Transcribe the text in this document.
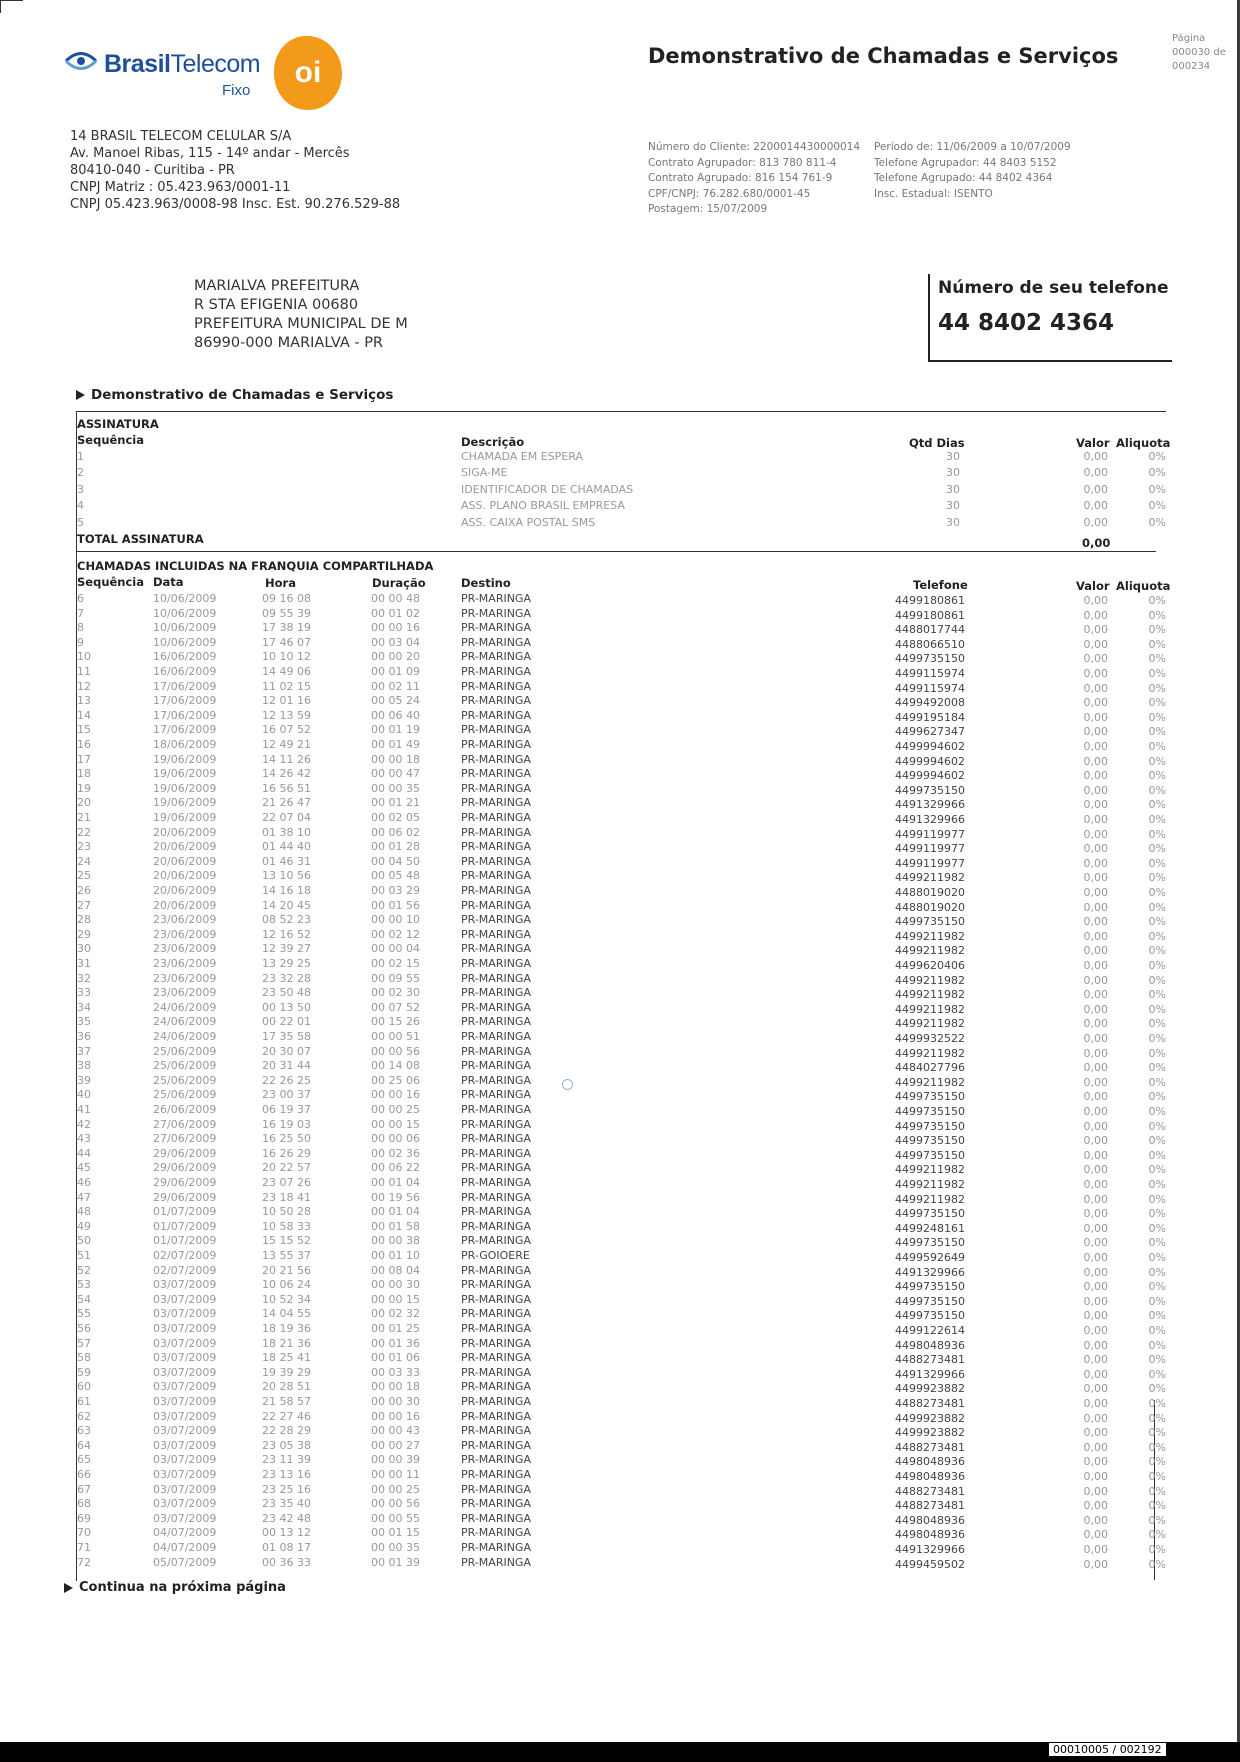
BrasilTelecom
Fixo
oi	Demonstrativo de Chamadas e Serviços
Página
000030 de
000234
14 BRASIL TELECOM CELULAR S/A
Av. Manoel Ribas, 115 - 14º andar - Mercês
80410-040 - Curitiba - PR
CNPJ Matriz : 05.423.963/0001-11
CNPJ 05.423.963/0008-98 Insc. Est. 90.276.529-88
Número do Cliente: 2200014430000014
Contrato Agrupador: 813 780 811-4
Contrato Agrupado: 816 154 761-9
CPF/CNPJ: 76.282.680/0001-45
Postagem: 15/07/2009
Período de: 11/06/2009 a 10/07/2009
Telefone Agrupador: 44 8403 5152
Telefone Agrupado: 44 8402 4364
Insc. Estadual: ISENTO
MARIALVA PREFEITURA
R STA EFIGENIA 00680
PREFEITURA MUNICIPAL DE M
86990-000 MARIALVA - PR
Número de seu telefone
44 8402 4364
Demonstrativo de Chamadas e Serviços
ASSINATURA
Sequência	Descrição	Qtd Dias	Valor Aliquota
1	CHAMADA EM ESPERA	30	0,00	0%
2	SIGA-ME	30	0,00	0%
3	IDENTIFICADOR DE CHAMADAS	30	0,00	0%
4	ASS. PLANO BRASIL EMPRESA	30	0,00	0%
5	ASS. CAIXA POSTAL SMS	30	0,00	0%
TOTAL ASSINATURA	0,00
CHAMADAS INCLUIDAS NA FRANQUIA COMPARTILHADA
Sequência Data	Hora	Duração	Destino	Telefone	Valor Aliquota
6	10/06/2009	09 16 08	00 00 48	PR-MARINGA	4499180861	0,00	0%
7	10/06/2009	09 55 39	00 01 02	PR-MARINGA	4499180861	0,00	0%
8	10/06/2009	17 38 19	00 00 16	PR-MARINGA	4488017744	0,00	0%
9	10/06/2009	17 46 07	00 03 04	PR-MARINGA	4488066510	0,00	0%
10	16/06/2009	10 10 12	00 00 20	PR-MARINGA	4499735150	0,00	0%
11	16/06/2009	14 49 06	00 01 09	PR-MARINGA	4499115974	0,00	0%
12	17/06/2009	11 02 15	00 02 11	PR-MARINGA	4499115974	0,00	0%
13	17/06/2009	12 01 16	00 05 24	PR-MARINGA	4499492008	0,00	0%
14	17/06/2009	12 13 59	00 06 40	PR-MARINGA	4499195184	0,00	0%
15	17/06/2009	16 07 52	00 01 19	PR-MARINGA	4499627347	0,00	0%
16	18/06/2009	12 49 21	00 01 49	PR-MARINGA	4499994602	0,00	0%
17	19/06/2009	14 11 26	00 00 18	PR-MARINGA	4499994602	0,00	0%
18	19/06/2009	14 26 42	00 00 47	PR-MARINGA	4499994602	0,00	0%
19	19/06/2009	16 56 51	00 00 35	PR-MARINGA	4499735150	0,00	0%
20	19/06/2009	21 26 47	00 01 21	PR-MARINGA	4491329966	0,00	0%
21	19/06/2009	22 07 04	00 02 05	PR-MARINGA	4491329966	0,00	0%
22	20/06/2009	01 38 10	00 06 02	PR-MARINGA	4499119977	0,00	0%
23	20/06/2009	01 44 40	00 01 28	PR-MARINGA	4499119977	0,00	0%
24	20/06/2009	01 46 31	00 04 50	PR-MARINGA	4499119977	0,00	0%
25	20/06/2009	13 10 56	00 05 48	PR-MARINGA	4499211982	0,00	0%
26	20/06/2009	14 16 18	00 03 29	PR-MARINGA	4488019020	0,00	0%
27	20/06/2009	14 20 45	00 01 56	PR-MARINGA	4488019020	0,00	0%
28	23/06/2009	08 52 23	00 00 10	PR-MARINGA	4499735150	0,00	0%
29	23/06/2009	12 16 52	00 02 12	PR-MARINGA	4499211982	0,00	0%
30	23/06/2009	12 39 27	00 00 04	PR-MARINGA	4499211982	0,00	0%
31	23/06/2009	13 29 25	00 02 15	PR-MARINGA	4499620406	0,00	0%
32	23/06/2009	23 32 28	00 09 55	PR-MARINGA	4499211982	0,00	0%
33	23/06/2009	23 50 48	00 02 30	PR-MARINGA	4499211982	0,00	0%
34	24/06/2009	00 13 50	00 07 52	PR-MARINGA	4499211982	0,00	0%
35	24/06/2009	00 22 01	00 15 26	PR-MARINGA	4499211982	0,00	0%
36	24/06/2009	17 35 58	00 00 51	PR-MARINGA	4499932522	0,00	0%
37	25/06/2009	20 30 07	00 00 56	PR-MARINGA	4499211982	0,00	0%
38	25/06/2009	20 31 44	00 14 08	PR-MARINGA	4484027796	0,00	0%
39	25/06/2009	22 26 25	00 25 06	PR-MARINGA	4499211982	0,00	0%
40	25/06/2009	23 00 37	00 00 16	PR-MARINGA	4499735150	0,00	0%
41	26/06/2009	06 19 37	00 00 25	PR-MARINGA	4499735150	0,00	0%
42	27/06/2009	16 19 03	00 00 15	PR-MARINGA	4499735150	0,00	0%
43	27/06/2009	16 25 50	00 00 06	PR-MARINGA	4499735150	0,00	0%
44	29/06/2009	16 26 29	00 02 36	PR-MARINGA	4499735150	0,00	0%
45	29/06/2009	20 22 57	00 06 22	PR-MARINGA	4499211982	0,00	0%
46	29/06/2009	23 07 26	00 01 04	PR-MARINGA	4499211982	0,00	0%
47	29/06/2009	23 18 41	00 19 56	PR-MARINGA	4499211982	0,00	0%
48	01/07/2009	10 50 28	00 01 04	PR-MARINGA	4499735150	0,00	0%
49	01/07/2009	10 58 33	00 01 58	PR-MARINGA	4499248161	0,00	0%
50	01/07/2009	15 15 52	00 00 38	PR-MARINGA	4499735150	0,00	0%
51	02/07/2009	13 55 37	00 01 10	PR-GOIOERE	4499592649	0,00	0%
52	02/07/2009	20 21 56	00 08 04	PR-MARINGA	4491329966	0,00	0%
53	03/07/2009	10 06 24	00 00 30	PR-MARINGA	4499735150	0,00	0%
54	03/07/2009	10 52 34	00 00 15	PR-MARINGA	4499735150	0,00	0%
55	03/07/2009	14 04 55	00 02 32	PR-MARINGA	4499735150	0,00	0%
56	03/07/2009	18 19 36	00 01 25	PR-MARINGA	4499122614	0,00	0%
57	03/07/2009	18 21 36	00 01 36	PR-MARINGA	4498048936	0,00	0%
58	03/07/2009	18 25 41	00 01 06	PR-MARINGA	4488273481	0,00	0%
59	03/07/2009	19 39 29	00 03 33	PR-MARINGA	4491329966	0,00	0%
60	03/07/2009	20 28 51	00 00 18	PR-MARINGA	4499923882	0,00	0%
61	03/07/2009	21 58 57	00 00 30	PR-MARINGA	4488273481	0,00	0%
62	03/07/2009	22 27 46	00 00 16	PR-MARINGA	4499923882	0,00	0%
63	03/07/2009	22 28 29	00 00 43	PR-MARINGA	4499923882	0,00	0%
64	03/07/2009	23 05 38	00 00 27	PR-MARINGA	4488273481	0,00	0%
65	03/07/2009	23 11 39	00 00 39	PR-MARINGA	4498048936	0,00	0%
66	03/07/2009	23 13 16	00 00 11	PR-MARINGA	4498048936	0,00	0%
67	03/07/2009	23 25 16	00 00 25	PR-MARINGA	4488273481	0,00	0%
68	03/07/2009	23 35 40	00 00 56	PR-MARINGA	4488273481	0,00	0%
69	03/07/2009	23 42 48	00 00 55	PR-MARINGA	4498048936	0,00	0%
70	04/07/2009	00 13 12	00 01 15	PR-MARINGA	4498048936	0,00	0%
71	04/07/2009	01 08 17	00 00 35	PR-MARINGA	4491329966	0,00	0%
72	05/07/2009	00 36 33	00 01 39	PR-MARINGA	4499459502	0,00	0%
Continua na próxima página
00010005 / 002192
